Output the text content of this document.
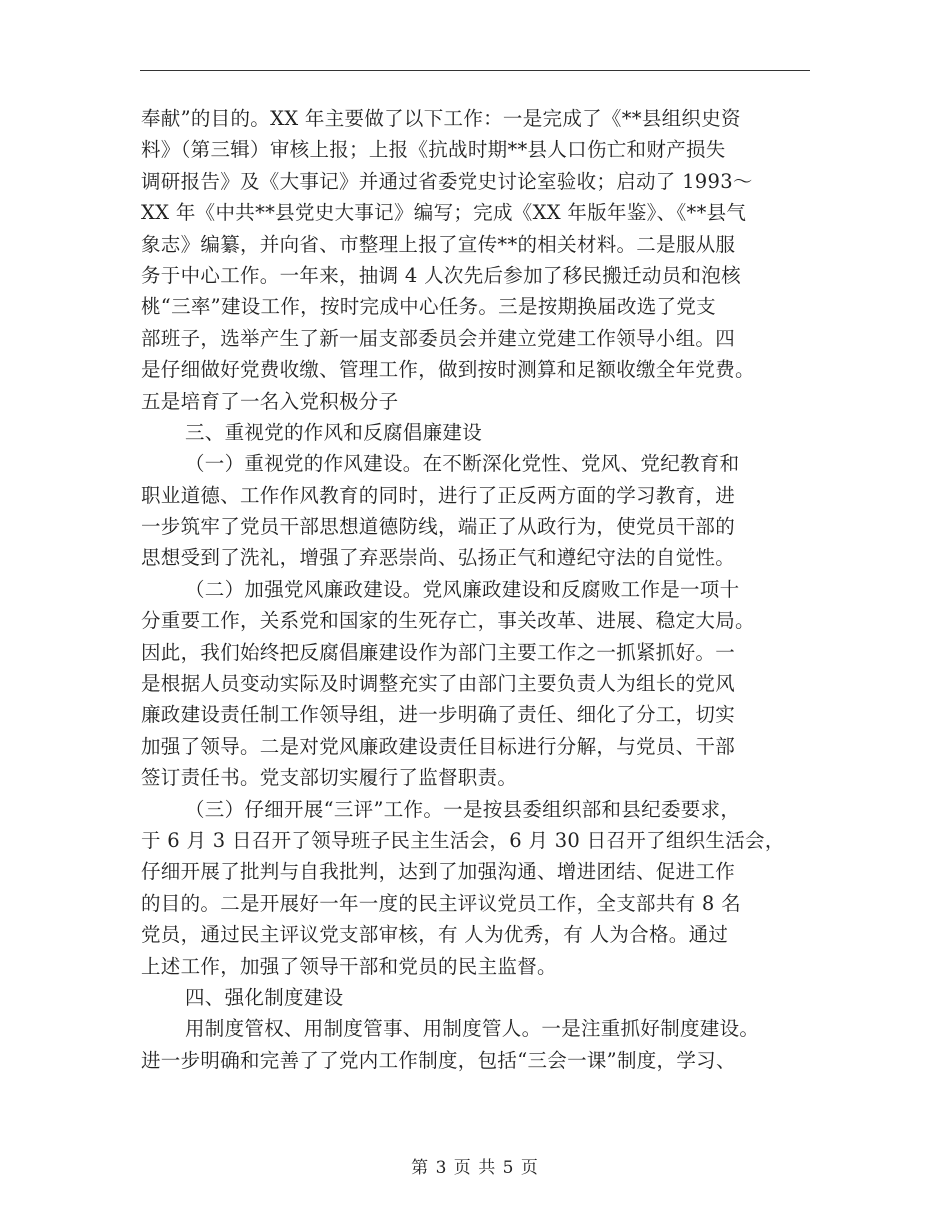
奉献”的目的。XX 年主要做了以下工作：一是完成了《**县组织史资
料》（第三辑）审核上报；上报《抗战时期**县人口伤亡和财产损失
调研报告》及《大事记》并通过省委党史讨论室验收；启动了 1993～
XX 年《中共**县党史大事记》编写；完成《XX 年版年鉴》、《**县气
象志》编纂，并向省、市整理上报了宣传**的相关材料。二是服从服
务于中心工作。一年来，抽调 4 人次先后参加了移民搬迁动员和泡核
桃“三率”建设工作，按时完成中心任务。三是按期换届改选了党支
部班子，选举产生了新一届支部委员会并建立党建工作领导小组。四
是仔细做好党费收缴、管理工作，做到按时测算和足额收缴全年党费。
五是培育了一名入党积极分子
三、重视党的作风和反腐倡廉建设
（一）重视党的作风建设。在不断深化党性、党风、党纪教育和
职业道德、工作作风教育的同时，进行了正反两方面的学习教育，进
一步筑牢了党员干部思想道德防线，端正了从政行为，使党员干部的
思想受到了洗礼，增强了弃恶崇尚、弘扬正气和遵纪守法的自觉性。
（二）加强党风廉政建设。党风廉政建设和反腐败工作是一项十
分重要工作，关系党和国家的生死存亡，事关改革、进展、稳定大局。
因此，我们始终把反腐倡廉建设作为部门主要工作之一抓紧抓好。一
是根据人员变动实际及时调整充实了由部门主要负责人为组长的党风
廉政建设责任制工作领导组，进一步明确了责任、细化了分工，切实
加强了领导。二是对党风廉政建设责任目标进行分解，与党员、干部
签订责任书。党支部切实履行了监督职责。
（三）仔细开展“三评”工作。一是按县委组织部和县纪委要求，
于 6 月 3 日召开了领导班子民主生活会，6 月 30 日召开了组织生活会，
仔细开展了批判与自我批判，达到了加强沟通、增进团结、促进工作
的目的。二是开展好一年一度的民主评议党员工作，全支部共有 8 名
党员，通过民主评议党支部审核，有 人为优秀，有 人为合格。通过
上述工作，加强了领导干部和党员的民主监督。
四、强化制度建设
用制度管权、用制度管事、用制度管人。一是注重抓好制度建设。
进一步明确和完善了了党内工作制度，包括“三会一课”制度，学习、
第 3 页 共 5 页
